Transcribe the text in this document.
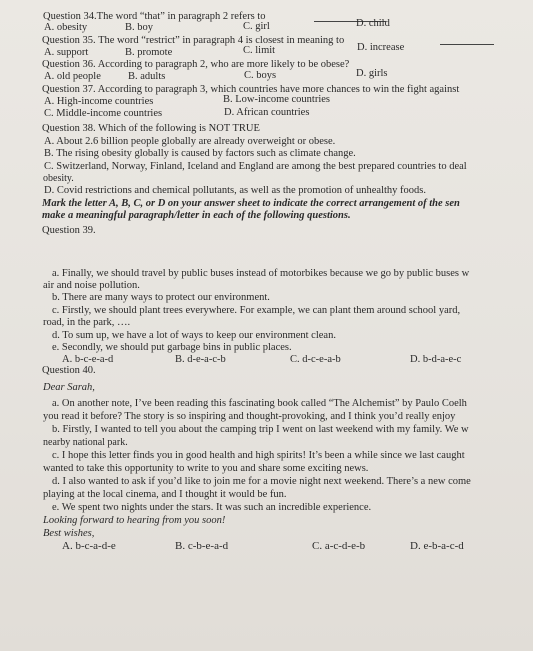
Question 34.The word “that” in paragraph 2 refers to
A. obesity	B. boy	C. girl	D. child
Question 35. The word “restrict” in paragraph 4 is closest in meaning to
A. support	B. promote	C. limit	D. increase
Question 36. According to paragraph 2, who are more likely to be obese?
A. old people	B. adults	C. boys	D. girls
Question 37. According to paragraph 3, which countries have more chances to win the fight against
A. High-income countries	B. Low-income countries
C. Middle-income countries	D. African countries
Question 38. Which of the following is NOT TRUE
A. About 2.6 billion people globally are already overweight or obese.
B. The rising obesity globally is caused by factors such as climate change.
C. Switzerland, Norway, Finland, Iceland and England are among the best prepared countries to deal
obesity.
D. Covid restrictions and chemical pollutants, as well as the promotion of unhealthy foods.
Mark the letter A, B, C, or D on your answer sheet to indicate the correct arrangement of the sen
make a meaningful paragraph/letter in each of the following questions.
Question 39.
a. Finally, we should travel by public buses instead of motorbikes because we go by public buses w
air and noise pollution.
b. There are many ways to protect our environment.
c. Firstly, we should plant trees everywhere. For example, we can plant them around school yard,
road, in the park, ….
d. To sum up, we have a lot of ways to keep our environment clean.
e. Secondly, we should put garbage bins in public places.
A. b-c-e-a-d	B. d-e-a-c-b	C. d-c-e-a-b	D. b-d-a-e-c
Question 40.
Dear Sarah,
a. On another note, I’ve been reading this fascinating book called “The Alchemist” by Paulo Coelh
you read it before? The story is so inspiring and thought-provoking, and I think you’d really enjoy
b. Firstly, I wanted to tell you about the camping trip I went on last weekend with my family. We w
nearby national park.
c. I hope this letter finds you in good health and high spirits! It’s been a while since we last caught
wanted to take this opportunity to write to you and share some exciting news.
d. I also wanted to ask if you’d like to join me for a movie night next weekend. There’s a new come
playing at the local cinema, and I thought it would be fun.
e. We spent two nights under the stars. It was such an incredible experience.
Looking forward to hearing from you soon!
Best wishes,
A. b-c-a-d-e	B. c-b-e-a-d	C. a-c-d-e-b	D. e-b-a-c-d
